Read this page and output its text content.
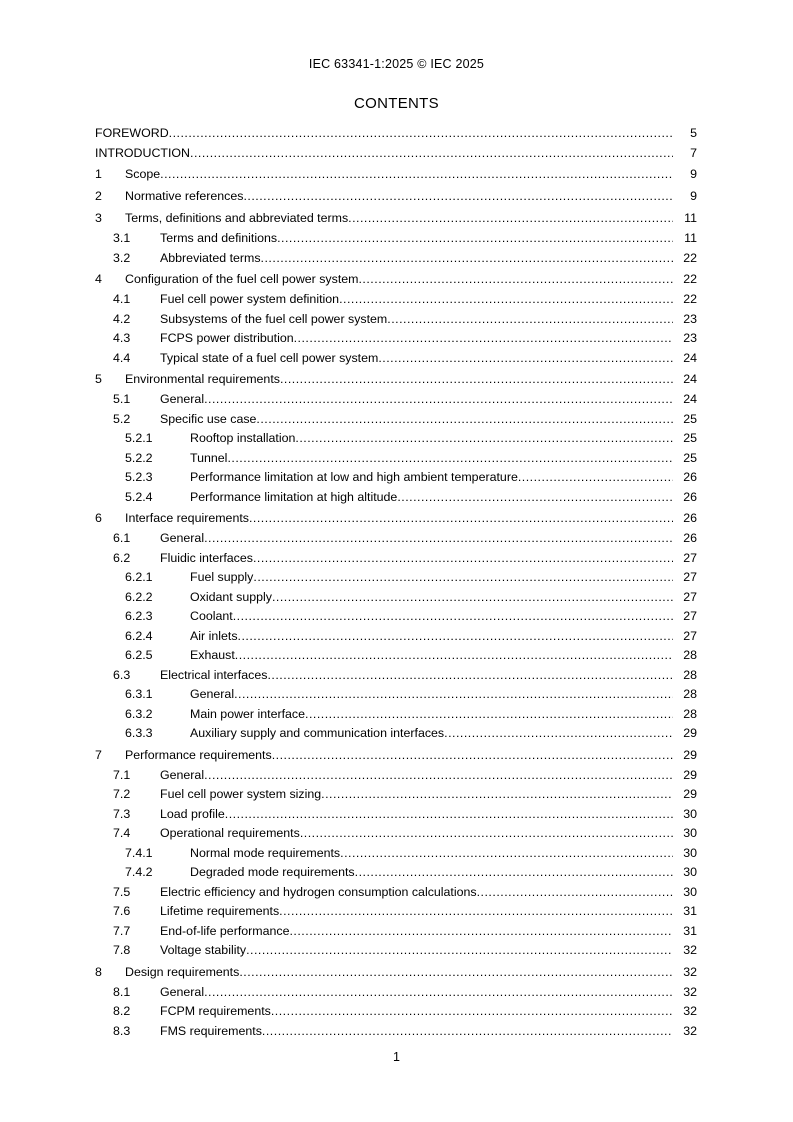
IEC 63341-1:2025 © IEC 2025
CONTENTS
FOREWORD .....	5
INTRODUCTION .....	7
1 Scope .....	9
2 Normative references .....	9
3 Terms, definitions and abbreviated terms .....	11
3.1 Terms and definitions .....	11
3.2 Abbreviated terms .....	22
4 Configuration of the fuel cell power system .....	22
4.1 Fuel cell power system definition .....	22
4.2 Subsystems of the fuel cell power system .....	23
4.3 FCPS power distribution .....	23
4.4 Typical state of a fuel cell power system .....	24
5 Environmental requirements .....	24
5.1 General .....	24
5.2 Specific use case .....	25
5.2.1	Rooftop installation .....	25
5.2.2	Tunnel .....	25
5.2.3	Performance limitation at low and high ambient temperature .....	26
5.2.4	Performance limitation at high altitude .....	26
6 Interface requirements .....	26
6.1 General .....	26
6.2 Fluidic interfaces .....	27
6.2.1	Fuel supply .....	27
6.2.2	Oxidant supply .....	27
6.2.3	Coolant .....	27
6.2.4	Air inlets .....	27
6.2.5	Exhaust .....	28
6.3 Electrical interfaces .....	28
6.3.1	General .....	28
6.3.2	Main power interface .....	28
6.3.3	Auxiliary supply and communication interfaces .....	29
7 Performance requirements .....	29
7.1 General .....	29
7.2 Fuel cell power system sizing .....	29
7.3 Load profile .....	30
7.4 Operational requirements .....	30
7.4.1	Normal mode requirements .....	30
7.4.2	Degraded mode requirements .....	30
7.5 Electric efficiency and hydrogen consumption calculations .....	30
7.6 Lifetime requirements .....	31
7.7 End-of-life performance .....	31
7.8 Voltage stability .....	32
8 Design requirements .....	32
8.1 General .....	32
8.2 FCPM requirements .....	32
8.3 FMS requirements .....	32
1
